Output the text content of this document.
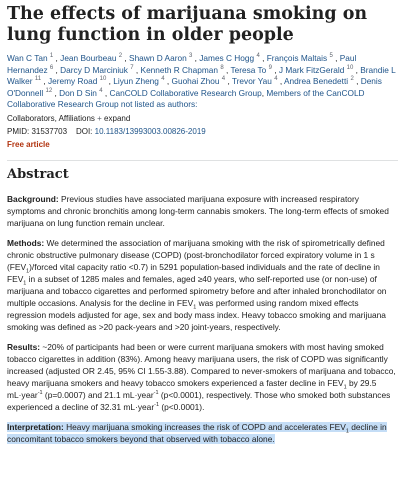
The effects of marijuana smoking on lung function in older people
Wan C Tan $^1$ , Jean Bourbeau $^2$ , Shawn D Aaron $^3$ , James C Hogg $^4$ , François Maltais $^5$ , Paul Hernandez $^6$ , Darcy D Marciniuk $^7$ , Kenneth R Chapman $^8$ , Teresa To $^9$ , J Mark FitzGerald $^{10}$ , Brandie L Walker $^{11}$ , Jeremy Road $^{10}$ , Liyun Zheng $^4$ , Guohai Zhou $^4$ , Trevor Yau $^4$ , Andrea Benedetti $^2$ , Denis O'Donnell $^{12}$ , Don D Sin $^4$ , CanCOLD Collaborative Research Group, Members of the CanCOLD Collaborative Research Group not listed as authors:
Collaborators, Affiliations + expand
PMID: 31537703 DOI: 10.1183/13993003.00826-2019
Free article
Abstract

Background: Previous studies have associated marijuana exposure with increased respiratory symptoms and chronic bronchitis among long-term cannabis smokers. The long-term effects of smoked marijuana on lung function remain unclear.

Methods: We determined the association of marijuana smoking with the risk of spirometrically defined chronic obstructive pulmonary disease (COPD) (post-bronchodilator forced expiratory volume in 1 s $(FEV_1)$/forced vital capacity ratio <0.7) in 5291 population-based individuals and the rate of decline in $FEV_1$ in a subset of 1285 males and females, aged ≥40 years, who self-reported use (or non-use) of marijuana and tobacco cigarettes and performed spirometry before and after inhaled bronchodilator on multiple occasions. Analysis for the decline in $FEV_1$ was performed using random mixed effects regression models adjusted for age, sex and body mass index. Heavy tobacco smoking and marijuana smoking was defined as >20 pack-years and >20 joint-years, respectively.

Results: ~20% of participants had been or were current marijuana smokers with most having smoked tobacco cigarettes in addition (83%). Among heavy marijuana users, the risk of COPD was significantly increased (adjusted OR 2.45, 95% CI 1.55-3.88). Compared to never-smokers of marijuana and tobacco, heavy marijuana smokers and heavy tobacco smokers experienced a faster decline in $FEV_1$ by 29.5 mL·year$^{-1}$ (p=0.0007) and 21.1 mL·year$^{-1}$ (p<0.0001), respectively. Those who smoked both substances experienced a decline of 32.31 mL·year$^{-1}$ (p<0.0001).

Interpretation: Heavy marijuana smoking increases the risk of COPD and accelerates $FEV_1$ decline in concomitant tobacco smokers beyond that observed with tobacco alone.
